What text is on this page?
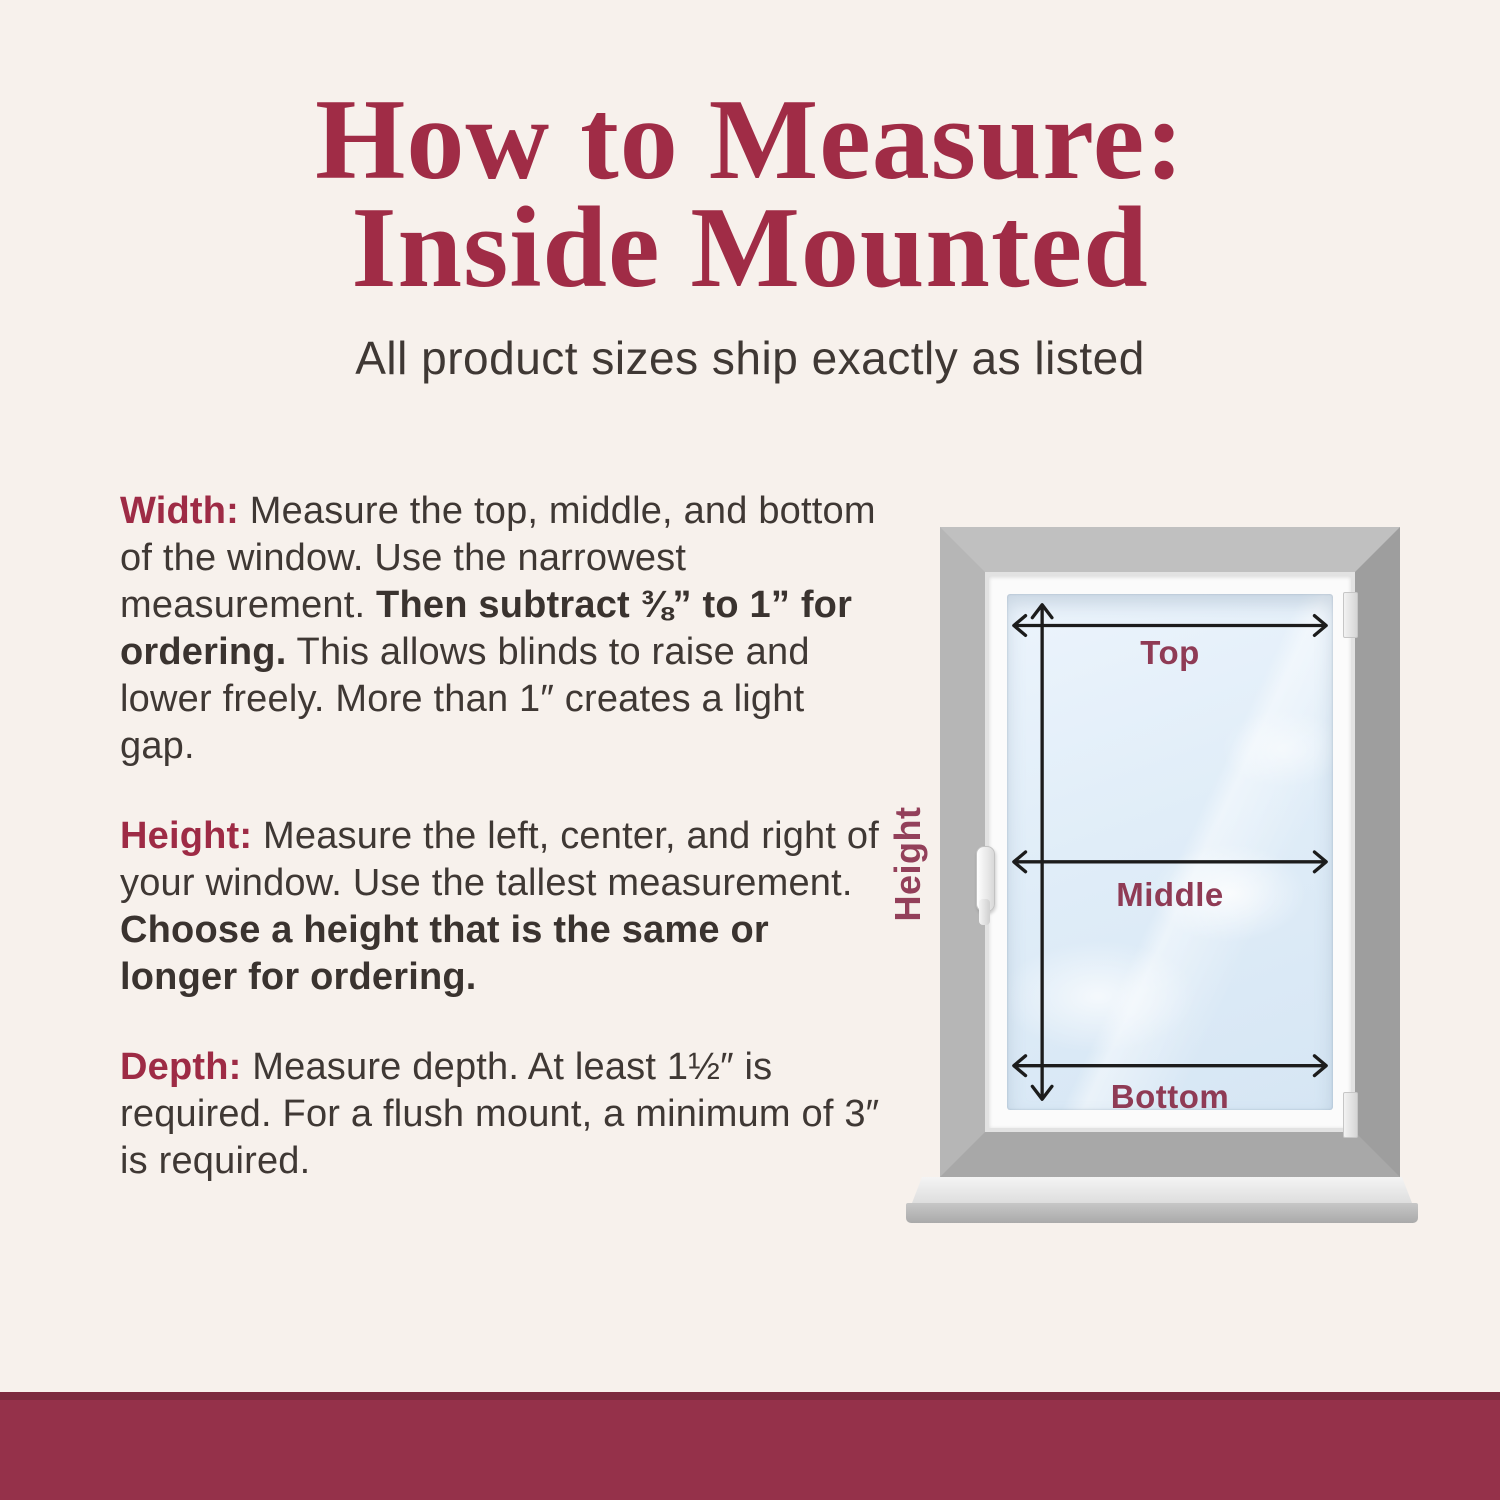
How to Measure:
Inside Mounted

All product sizes ship exactly as listed

Width: Measure the top, middle, and bottom of the window. Use the narrowest measurement. Then subtract ⅜” to 1” for ordering. This allows blinds to raise and lower freely. More than 1″ creates a light gap.

Height: Measure the left, center, and right of your window. Use the tallest measurement. Choose a height that is the same or longer for ordering.

Depth: Measure depth. At least 1½″ is required. For a flush mount, a minimum of 3″ is required.

Height
Top
Middle
Bottom
